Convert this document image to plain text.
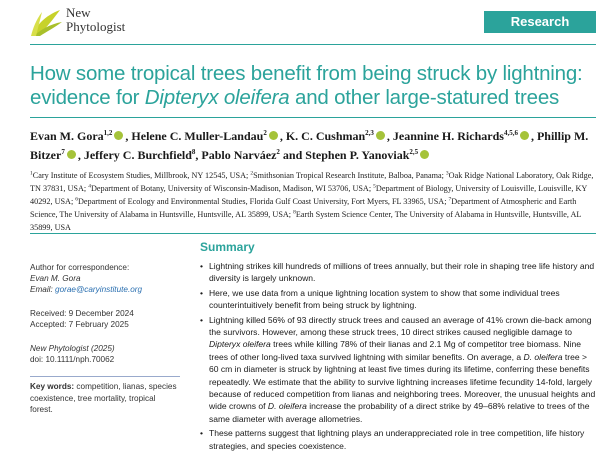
New
Phytologist	Research
How some tropical trees benefit from being struck by lightning: evidence for Dipteryx oleifera and other large-statured trees
Evan M. Gora$^{1,2}$ , Helene C. Muller-Landau$^2$ , K. C. Cushman$^{2,3}$ , Jeannine H. Richards$^{4,5,6}$ , Phillip M. Bitzer$^7$ , Jeffery C. Burchfield$^8$, Pablo Narváez$^2$ and Stephen P. Yanoviak$^{2,5}$
$^1$Cary Institute of Ecosystem Studies, Millbrook, NY 12545, USA; $^2$Smithsonian Tropical Research Institute, Balboa, Panama; $^3$Oak Ridge National Laboratory, Oak Ridge, TN 37831, USA; $^4$Department of Botany, University of Wisconsin-Madison, Madison, WI 53706, USA; $^5$Department of Biology, University of Louisville, Louisville, KY 40292, USA; $^6$Department of Ecology and Environmental Studies, Florida Gulf Coast University, Fort Myers, FL 33965, USA; $^7$Department of Atmospheric and Earth Science, The University of Alabama in Huntsville, Huntsville, AL 35899, USA; $^8$Earth System Science Center, The University of Alabama in Huntsville, Huntsville, AL 35899, USA
Author for correspondence:
Evan M. Gora
Email: gorae@caryinstitute.org
Received: 9 December 2024
Accepted: 7 February 2025
New Phytologist (2025)
doi: 10.1111/nph.70062
Key words: competition, lianas, species coexistence, tree mortality, tropical forest.
Summary
• Lightning strikes kill hundreds of millions of trees annually, but their role in shaping tree life history and diversity is largely unknown.
• Here, we use data from a unique lightning location system to show that some individual trees counterintuitively benefit from being struck by lightning.
• Lightning killed 56% of 93 directly struck trees and caused an average of 41% crown die-back among the survivors. However, among these struck trees, 10 direct strikes caused negligible damage to Dipteryx oleifera trees while killing 78% of their lianas and 2.1 Mg of competitor tree biomass. Nine trees of other long-lived taxa survived lightning with similar benefits. On average, a D. oleifera tree > 60 cm in diameter is struck by lightning at least five times during its lifetime, conferring these benefits repeatedly. We estimate that the ability to survive lightning increases lifetime fecundity 14-fold, largely because of reduced competition from lianas and neighboring trees. Moreover, the unusual heights and wide crowns of D. oleifera increase the probability of a direct strike by 49–68% relative to trees of the same diameter with average allometries.
• These patterns suggest that lightning plays an underappreciated role in tree competition, life history strategies, and species coexistence.
